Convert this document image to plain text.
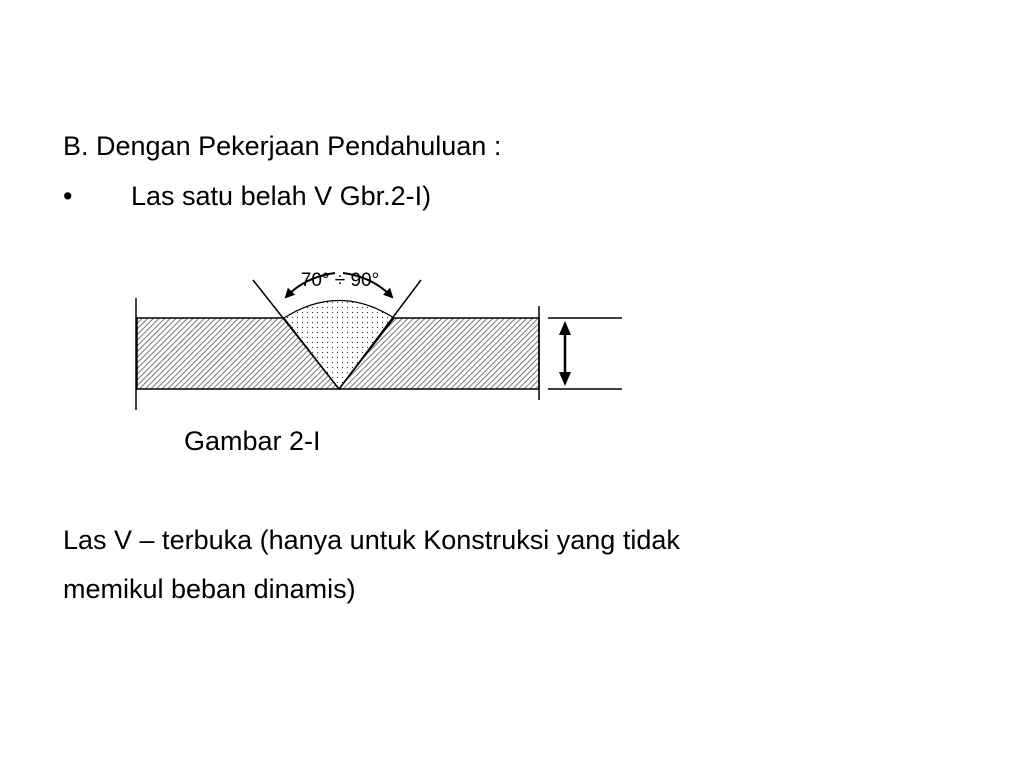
B. Dengan Pekerjaan Pendahuluan :
• Las satu belah V Gbr.2-I)
70° ÷ 90°
Gambar 2-I
Las V – terbuka (hanya untuk Konstruksi yang tidak
memikul beban dinamis)
